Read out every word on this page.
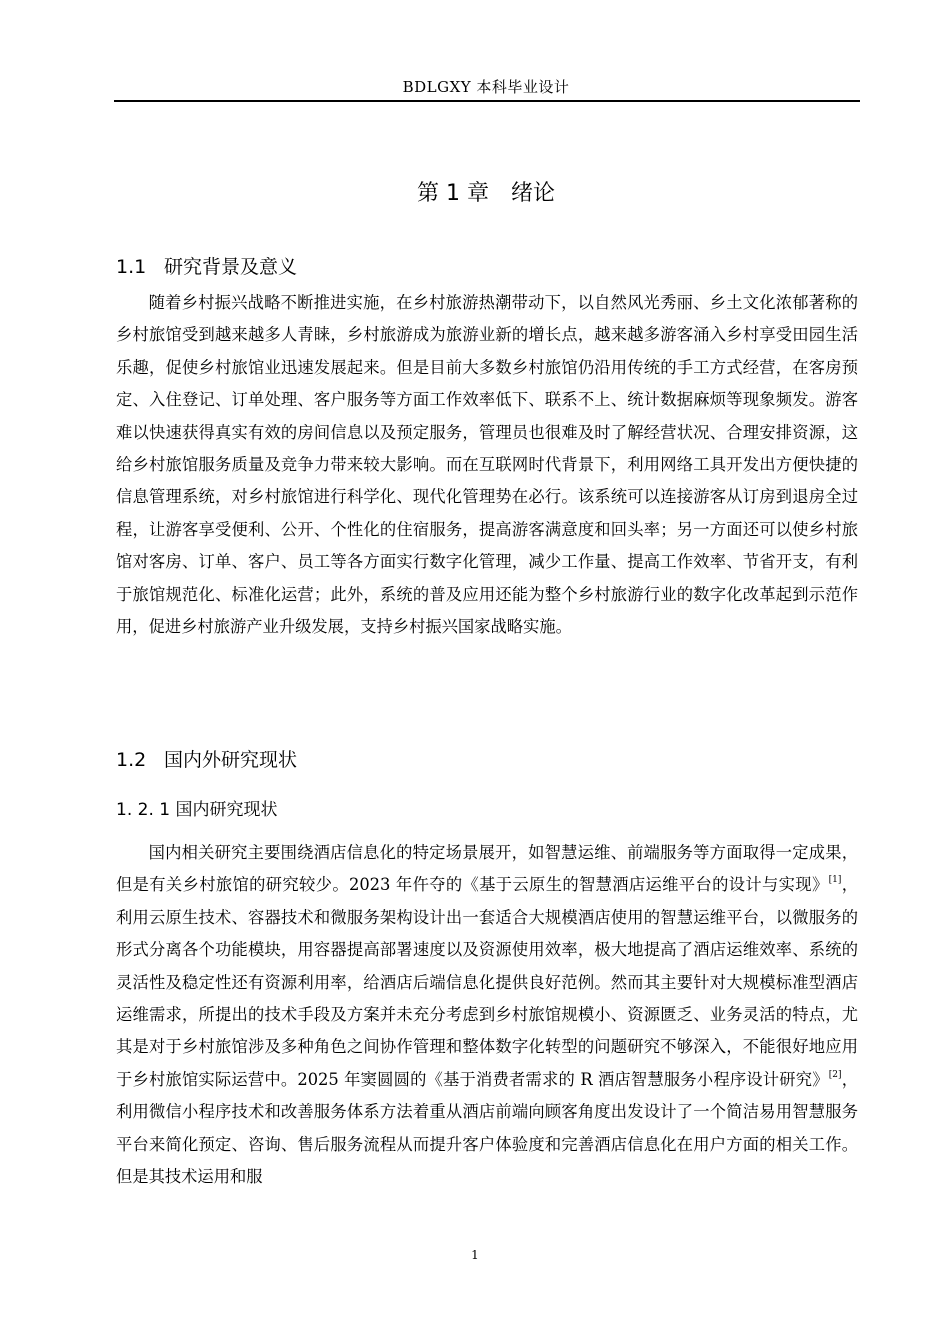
BDLGXY 本科毕业设计
第 1 章 绪论
1.1 研究背景及意义

随着乡村振兴战略不断推进实施，在乡村旅游热潮带动下，以自然风光秀丽、乡土文化浓郁著称的乡村旅馆受到越来越多人青睐，乡村旅游成为旅游业新的增长点，越来越多游客涌入乡村享受田园生活乐趣，促使乡村旅馆业迅速发展起来。但是目前大多数乡村旅馆仍沿用传统的手工方式经营，在客房预定、入住登记、订单处理、客户服务等方面工作效率低下、联系不上、统计数据麻烦等现象频发。游客难以快速获得真实有效的房间信息以及预定服务，管理员也很难及时了解经营状况、合理安排资源，这给乡村旅馆服务质量及竞争力带来较大影响。而在互联网时代背景下，利用网络工具开发出方便快捷的信息管理系统，对乡村旅馆进行科学化、现代化管理势在必行。该系统可以连接游客从订房到退房全过程，让游客享受便利、公开、个性化的住宿服务，提高游客满意度和回头率；另一方面还可以使乡村旅馆对客房、订单、客户、员工等各方面实行数字化管理，减少工作量、提高工作效率、节省开支，有利于旅馆规范化、标准化运营；此外，系统的普及应用还能为整个乡村旅游行业的数字化改革起到示范作用，促进乡村旅游产业升级发展，支持乡村振兴国家战略实施。

1.2 国内外研究现状
1. 2. 1 国内研究现状

国内相关研究主要围绕酒店信息化的特定场景展开，如智慧运维、前端服务等方面取得一定成果，但是有关乡村旅馆的研究较少。2023 年仵夺的《基于云原生的智慧酒店运维平台的设计与实现》[1]，利用云原生技术、容器技术和微服务架构设计出一套适合大规模酒店使用的智慧运维平台，以微服务的形式分离各个功能模块，用容器提高部署速度以及资源使用效率，极大地提高了酒店运维效率、系统的灵活性及稳定性还有资源利用率，给酒店后端信息化提供良好范例。然而其主要针对大规模标准型酒店运维需求，所提出的技术手段及方案并未充分考虑到乡村旅馆规模小、资源匮乏、业务灵活的特点，尤其是对于乡村旅馆涉及多种角色之间协作管理和整体数字化转型的问题研究不够深入，不能很好地应用于乡村旅馆实际运营中。2025 年窦圆圆的《基于消费者需求的 R 酒店智慧服务小程序设计研究》[2]，利用微信小程序技术和改善服务体系方法着重从酒店前端向顾客角度出发设计了一个简洁易用智慧服务平台来简化预定、咨询、售后服务流程从而提升客户体验度和完善酒店信息化在用户方面的相关工作。但是其技术运用和服

1
